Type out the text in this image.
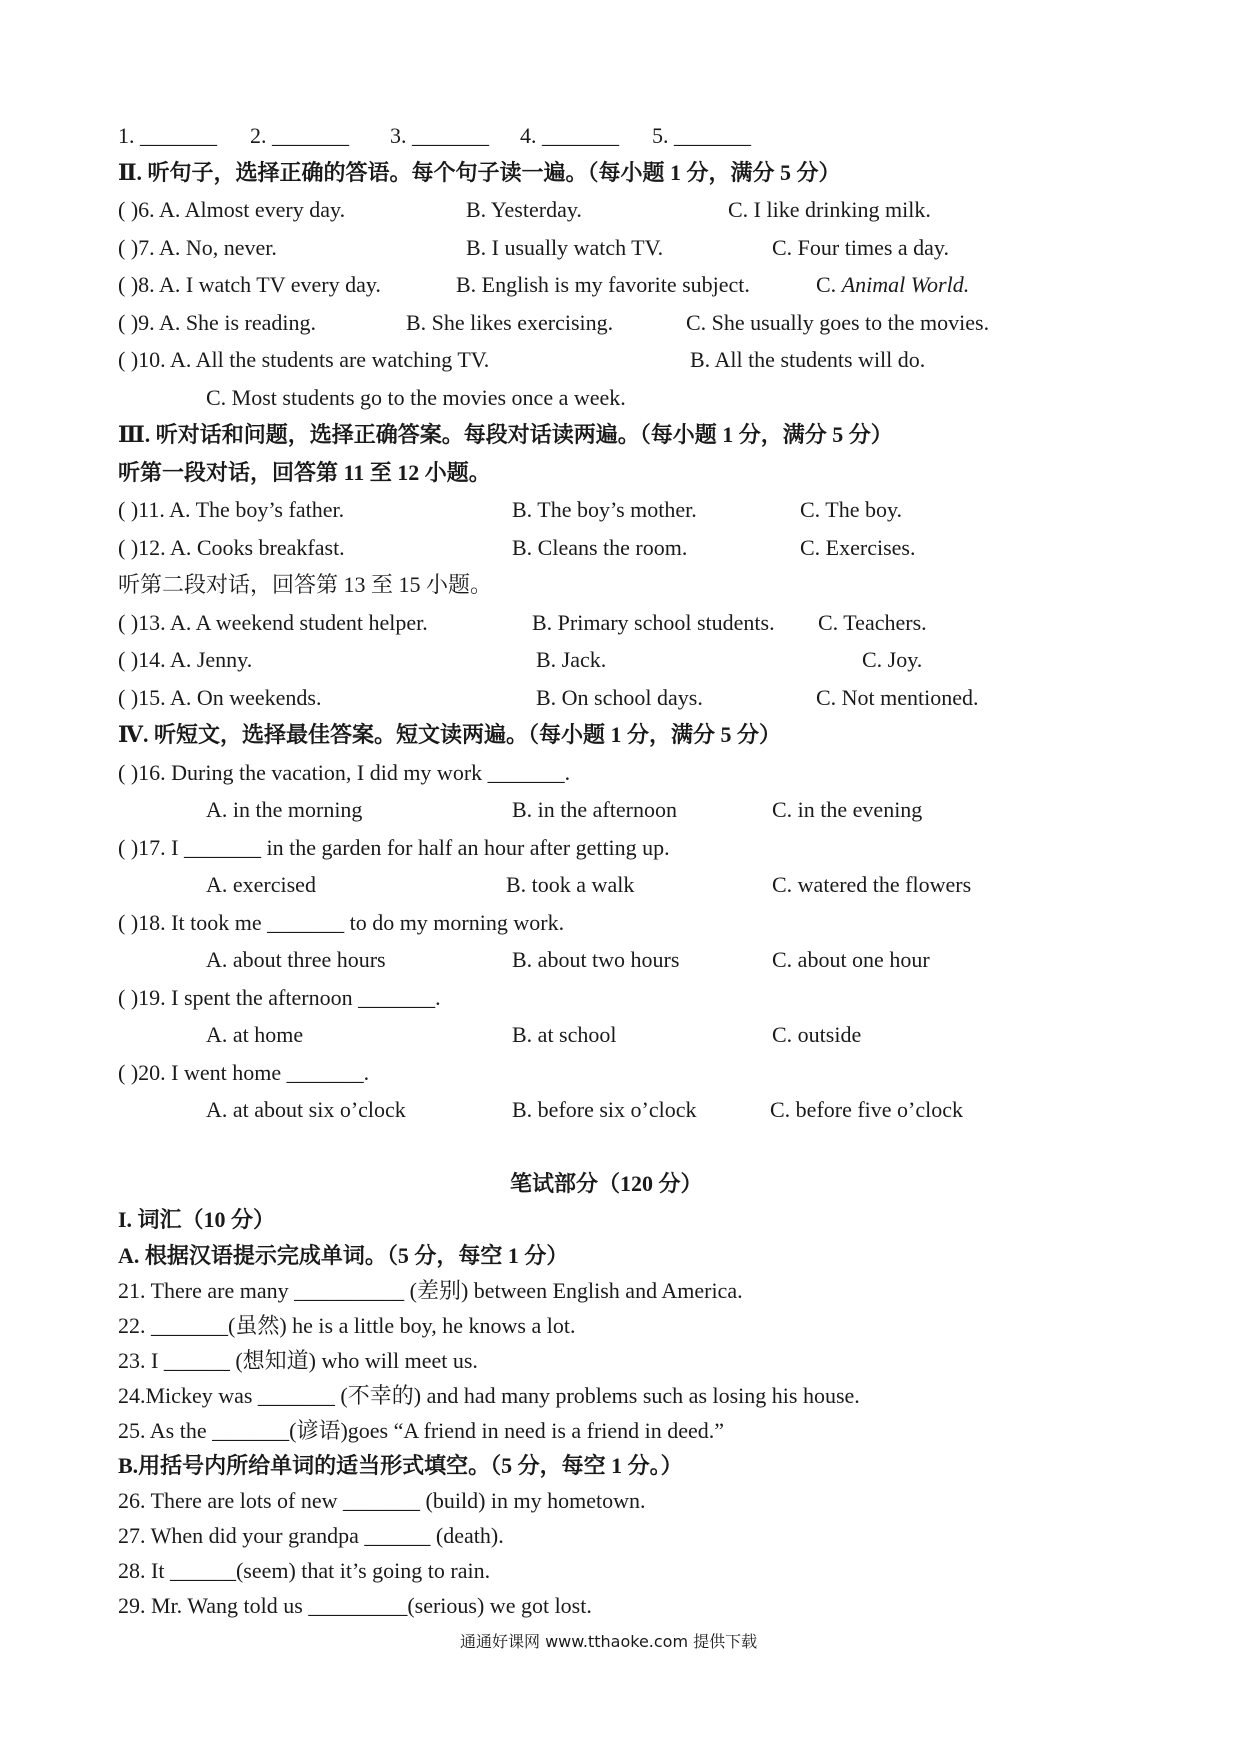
1. _______ 2. _______ 3. _______ 4. _______ 5. _______
Ⅱ. 听句子，选择正确的答语。每个句子读一遍。（每小题 1 分，满分 5 分）
( )6. A. Almost every day.	B. Yesterday.	C. I like drinking milk.
( )7. A. No, never.	B. I usually watch TV.	C. Four times a day.
( )8. A. I watch TV every day.	B. English is my favorite subject.	C. Animal World.
( )9. A. She is reading.	B. She likes exercising.	C. She usually goes to the movies.
( )10. A. All the students are watching TV.	B. All the students will do.
C. Most students go to the movies once a week.
Ⅲ. 听对话和问题，选择正确答案。每段对话读两遍。（每小题 1 分，满分 5 分）
听第一段对话，回答第 11 至 12 小题。
( )11. A. The boy’s father.	B. The boy’s mother.	C. The boy.
( )12. A. Cooks breakfast.	B. Cleans the room.	C. Exercises.
听第二段对话，回答第 13 至 15 小题。
( )13. A. A weekend student helper.	B. Primary school students. C. Teachers.
( )14. A. Jenny.	B. Jack.	C. Joy.
( )15. A. On weekends.	B. On school days.	C. Not mentioned.
Ⅳ. 听短文，选择最佳答案。短文读两遍。（每小题 1 分，满分 5 分）
( )16. During the vacation, I did my work _______.
A. in the morning	B. in the afternoon	C. in the evening
( )17. I _______ in the garden for half an hour after getting up.
A. exercised	B. took a walk	C. watered the flowers
( )18. It took me _______ to do my morning work.
A. about three hours	B. about two hours	C. about one hour
( )19. I spent the afternoon _______.
A. at home	B. at school	C. outside
( )20. I went home _______.
A. at about six o’clock	B. before six o’clock	C. before five o’clock
笔试部分（120 分）
I. 词汇（10 分）
A. 根据汉语提示完成单词。（5 分，每空 1 分）
21. There are many __________ (差别) between English and America.
22. _______(虽然) he is a little boy, he knows a lot.
23. I ______ (想知道) who will meet us.
24.Mickey was _______ (不幸的) and had many problems such as losing his house.
25. As the _______(谚语)goes “A friend in need is a friend in deed.”
B.用括号内所给单词的适当形式填空。（5 分，每空 1 分。）
26. There are lots of new _______ (build) in my hometown.
27. When did your grandpa ______ (death).
28. It ______(seem) that it’s going to rain.
29. Mr. Wang told us _________(serious) we got lost.
通通好课网 www.tthaoke.com 提供下载
